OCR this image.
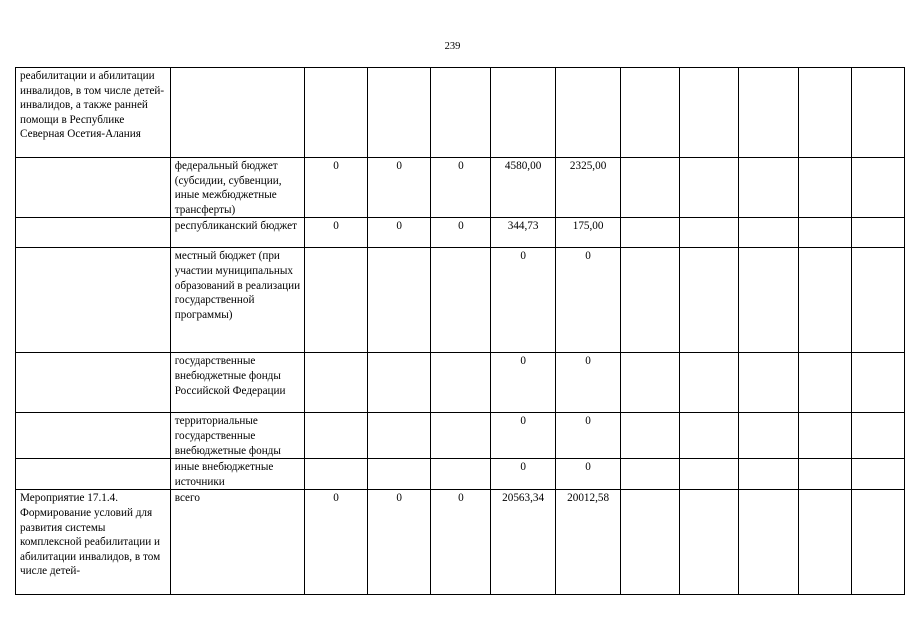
239
реабилитации и абилитации инвалидов, в том числе детей-инвалидов, а также ранней помощи в Республике Северная Осетия-Алания											
	федеральный бюджет (субсидии, субвенции, иные межбюджетные трансферты)	0	0	0	4580,00	2325,00					
	республиканский бюджет	0	0	0	344,73	175,00					
	местный бюджет (при участии муниципальных образований в реализации государственной программы)				0	0					
	государственные внебюджетные фонды Российской Федерации				0	0					
	территориальные государственные внебюджетные фонды				0	0					
	иные внебюджетные источники				0	0					
Мероприятие 17.1.4. Формирование условий для развития системы комплексной реабилитации и абилитации инвалидов, в том числе детей-	всего	0	0	0	20563,34	20012,58					
